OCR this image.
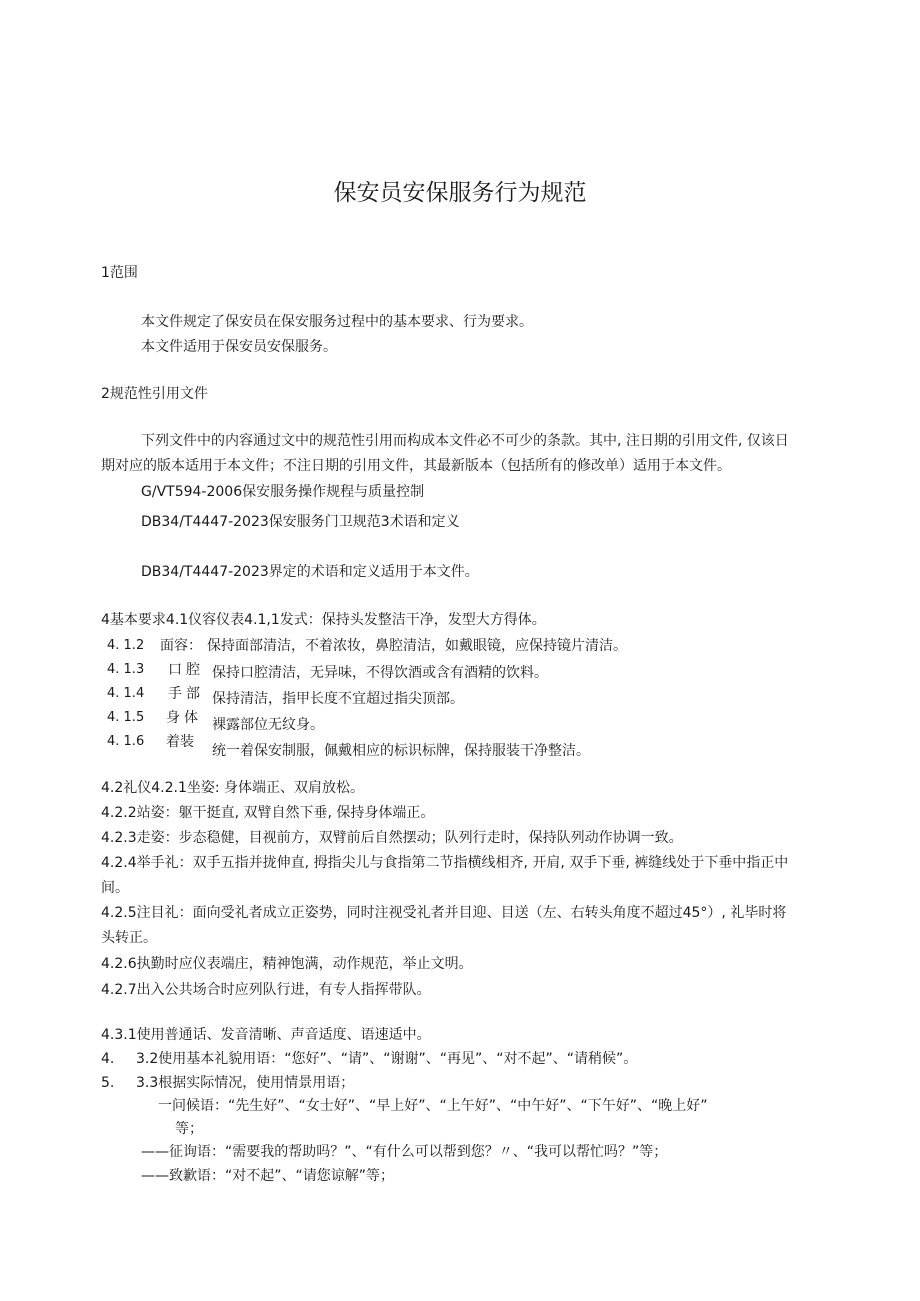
保安员安保服务行为规范
1范围
本文件规定了保安员在保安服务过程中的基本要求、行为要求。
本文件适用于保安员安保服务。
2规范性引用文件
下列文件中的内容通过文中的规范性引用而构成本文件必不可少的条款。其中, 注日期的引用文件, 仅该日
期对应的版本适用于本文件；不注日期的引用文件，其最新版本（包括所有的修改单）适用于本文件。
G/VT594-2006保安服务操作规程与质量控制
DB34/T4447-2023保安服务门卫规范3术语和定义
DB34/T4447-2023界定的术语和定义适用于本文件。
4基本要求4.1仪容仪表4.1,1发式：保持头发整洁干净，发型大方得体。
4. 1.2 面容： 保持面部清洁，不着浓妆，鼻腔清洁，如戴眼镜，应保持镜片清洁。
4. 1.3 口腔 保持口腔清洁，无异味，不得饮酒或含有酒精的饮料。
4. 1.4 手部 保持清洁，指甲长度不宜超过指尖顶部。
4. 1.5 身体 裸露部位无纹身。
4. 1.6 着装
统一着保安制服，佩戴相应的标识标牌，保持服装干净整洁。
4.2礼仪4.2.1坐姿: 身体端正、双肩放松。
4.2.2站姿：躯干挺直, 双臂自然下垂, 保持身体端正。
4.2.3走姿：步态稳健，目视前方，双臂前后自然摆动；队列行走时，保持队列动作协调一致。
4.2.4举手礼：双手五指并拢伸直, 拇指尖儿与食指第二节指横线相齐, 开肩, 双手下垂, 裤缝线处于下垂中指正中
间。
4.2.5注目礼：面向受礼者成立正姿势，同时注视受礼者并目迎、目送（左、右转头角度不超过45°）, 礼毕时将
头转正。
4.2.6执勤时应仪表端庄，精神饱满，动作规范，举止文明。
4.2.7出入公共场合时应列队行进，有专人指挥带队。
4.3.1使用普通话、发音清晰、声音适度、语速适中。
4. 3.2使用基本礼貌用语：“您好”、“请”、“谢谢”、“再见”、“对不起”、“请稍候”。
5. 3.3根据实际情况，使用情景用语；
一问候语：“先生好”、“女士好”、“早上好”、“上午好”、“中午好”、“下午好”、“晚上好”
等；
——征询语：“需要我的帮助吗？”、“有什么可以帮到您？〃、“我可以帮忙吗？”等；
——致歉语：“对不起”、“请您谅解”等；
